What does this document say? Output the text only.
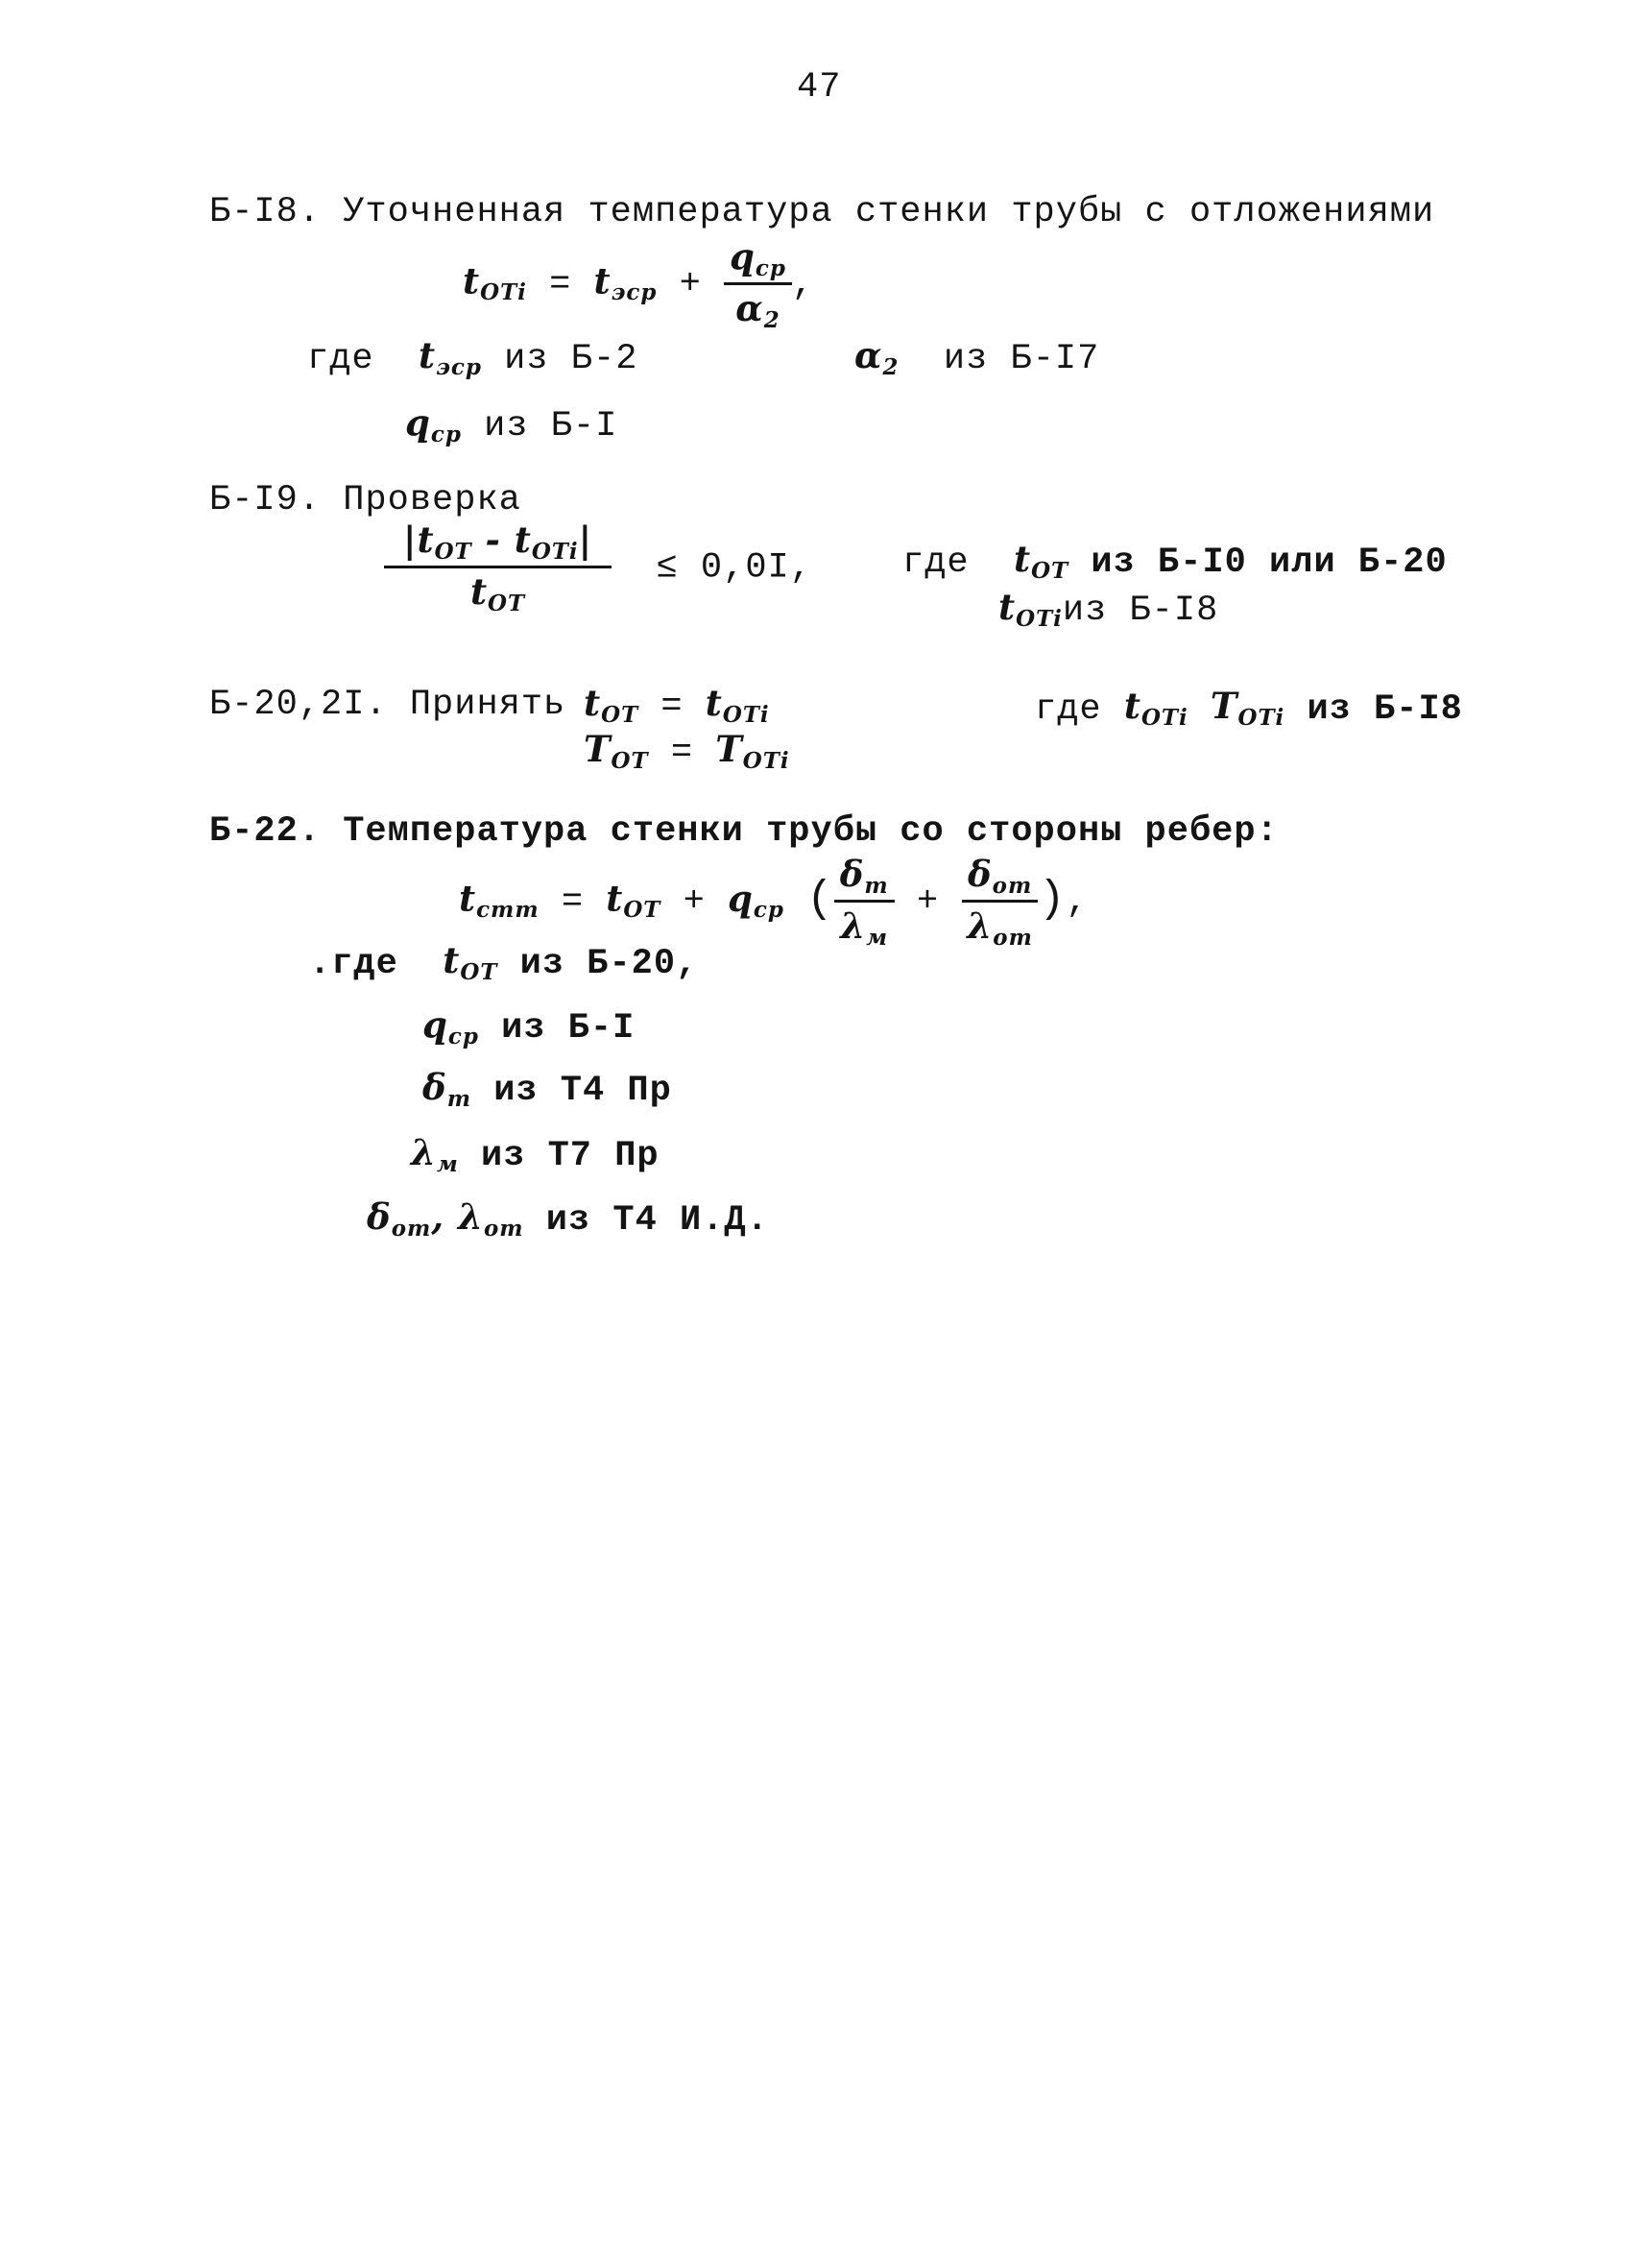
47
Б-I8. Уточненная температура стенки трубы с отложениями
tOTi = tэср + $\frac{\text{qср}}{\alpha 2}$ ,
где tэср из Б-2	α2 из Б-I7
qср из Б-I
Б-I9. Проверка
$\frac{\text{|tOT - tOTi|}}{\text{tOT}} \le 0,0I$,	где tOT из Б-I0 или Б-20
tOTiиз Б-I8
Б-20,2I. Принять tOT = tOTi
TOT = TOTi
где tOTi TOTi из Б-I8
Б-22. Температура стенки трубы со стороны ребер:
tстт = tOT + qср ( $\frac{\delta т}{\lambda м} + \frac{\text{δот}}{\text{λот}}$ ),
.где tOT из Б-20,
qср из Б-I
δт из Т4 Пр
λм из Т7 Пр
δот, λот из Т4 И.Д.
